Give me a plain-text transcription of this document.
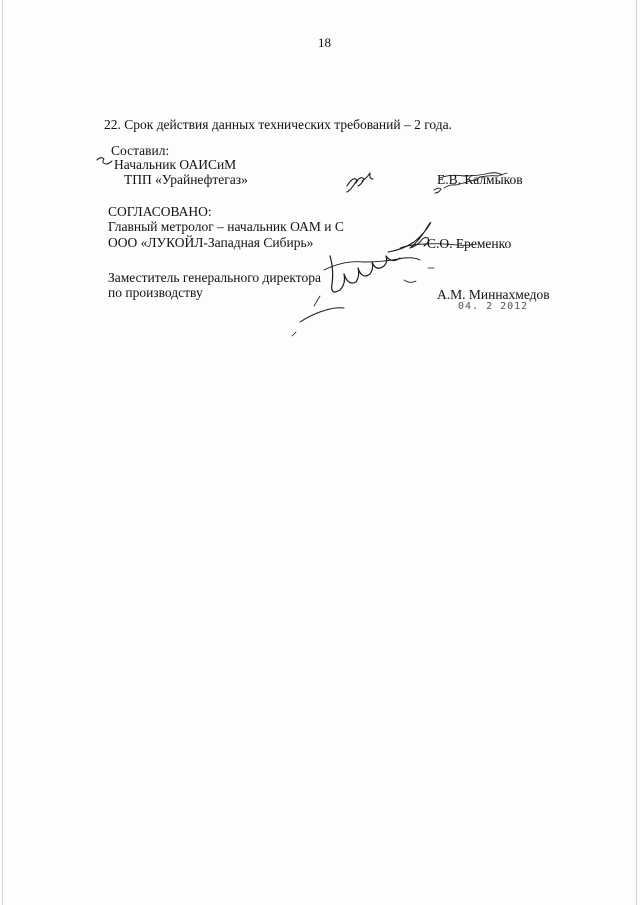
18
22. Срок действия данных технических требований – 2 года.
Составил:
Начальник ОАИСиМ
ТПП «Урайнефтегаз»	Е.В. Калмыков
СОГЛАСОВАНО:
Главный метролог – начальник ОАМ и С
ООО «ЛУКОЙЛ-Западная Сибирь»	С.О. Еременко
Заместитель генерального директора
по производству	А.М. Миннахмедов
04. 2 2012
